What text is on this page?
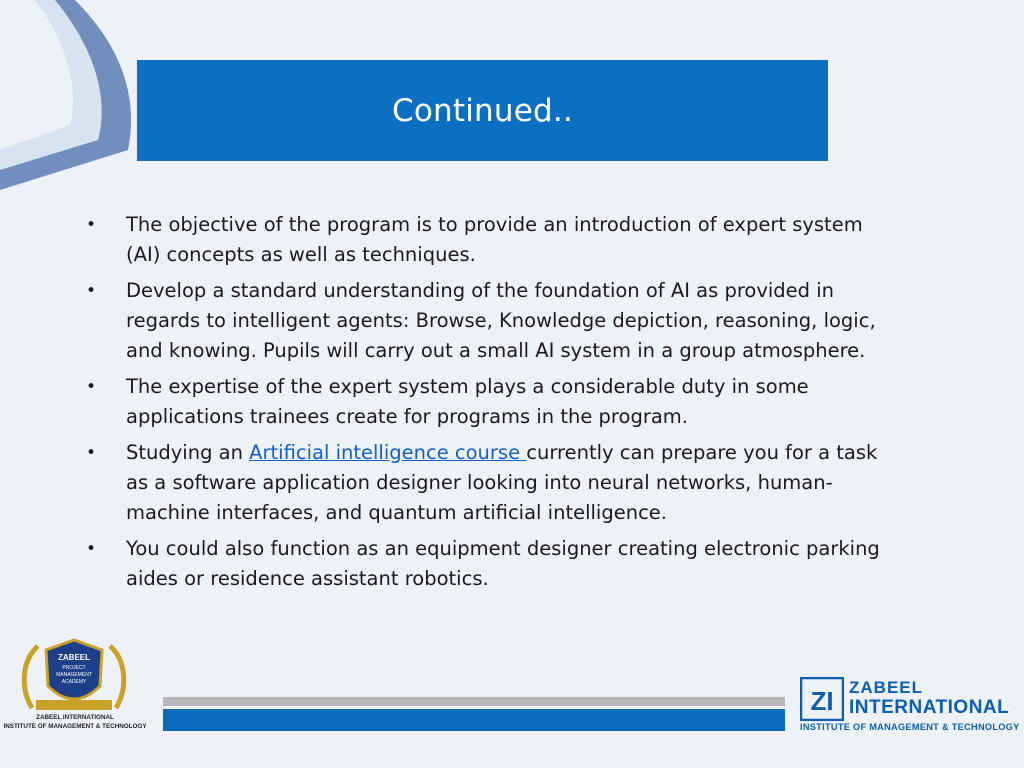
Continued..
• The objective of the program is to provide an introduction of expert system (AI) concepts as well as techniques.
• Develop a standard understanding of the foundation of AI as provided in regards to intelligent agents: Browse, Knowledge depiction, reasoning, logic, and knowing. Pupils will carry out a small AI system in a group atmosphere.
• The expertise of the expert system plays a considerable duty in some applications trainees create for programs in the program.
• Studying an Artificial intelligence course currently can prepare you for a task as a software application designer looking into neural networks, human-machine interfaces, and quantum artificial intelligence.
• You could also function as an equipment designer creating electronic parking aides or residence assistant robotics.
ZABEEL
PROJECT
MANAGEMENT
ACADEMY
ZABEEL INTERNATIONAL
INSTITUTE OF MANAGEMENT & TECHNOLOGY
ZI ZABEEL
INTERNATIONAL
INSTITUTE OF MANAGEMENT & TECHNOLOGY
